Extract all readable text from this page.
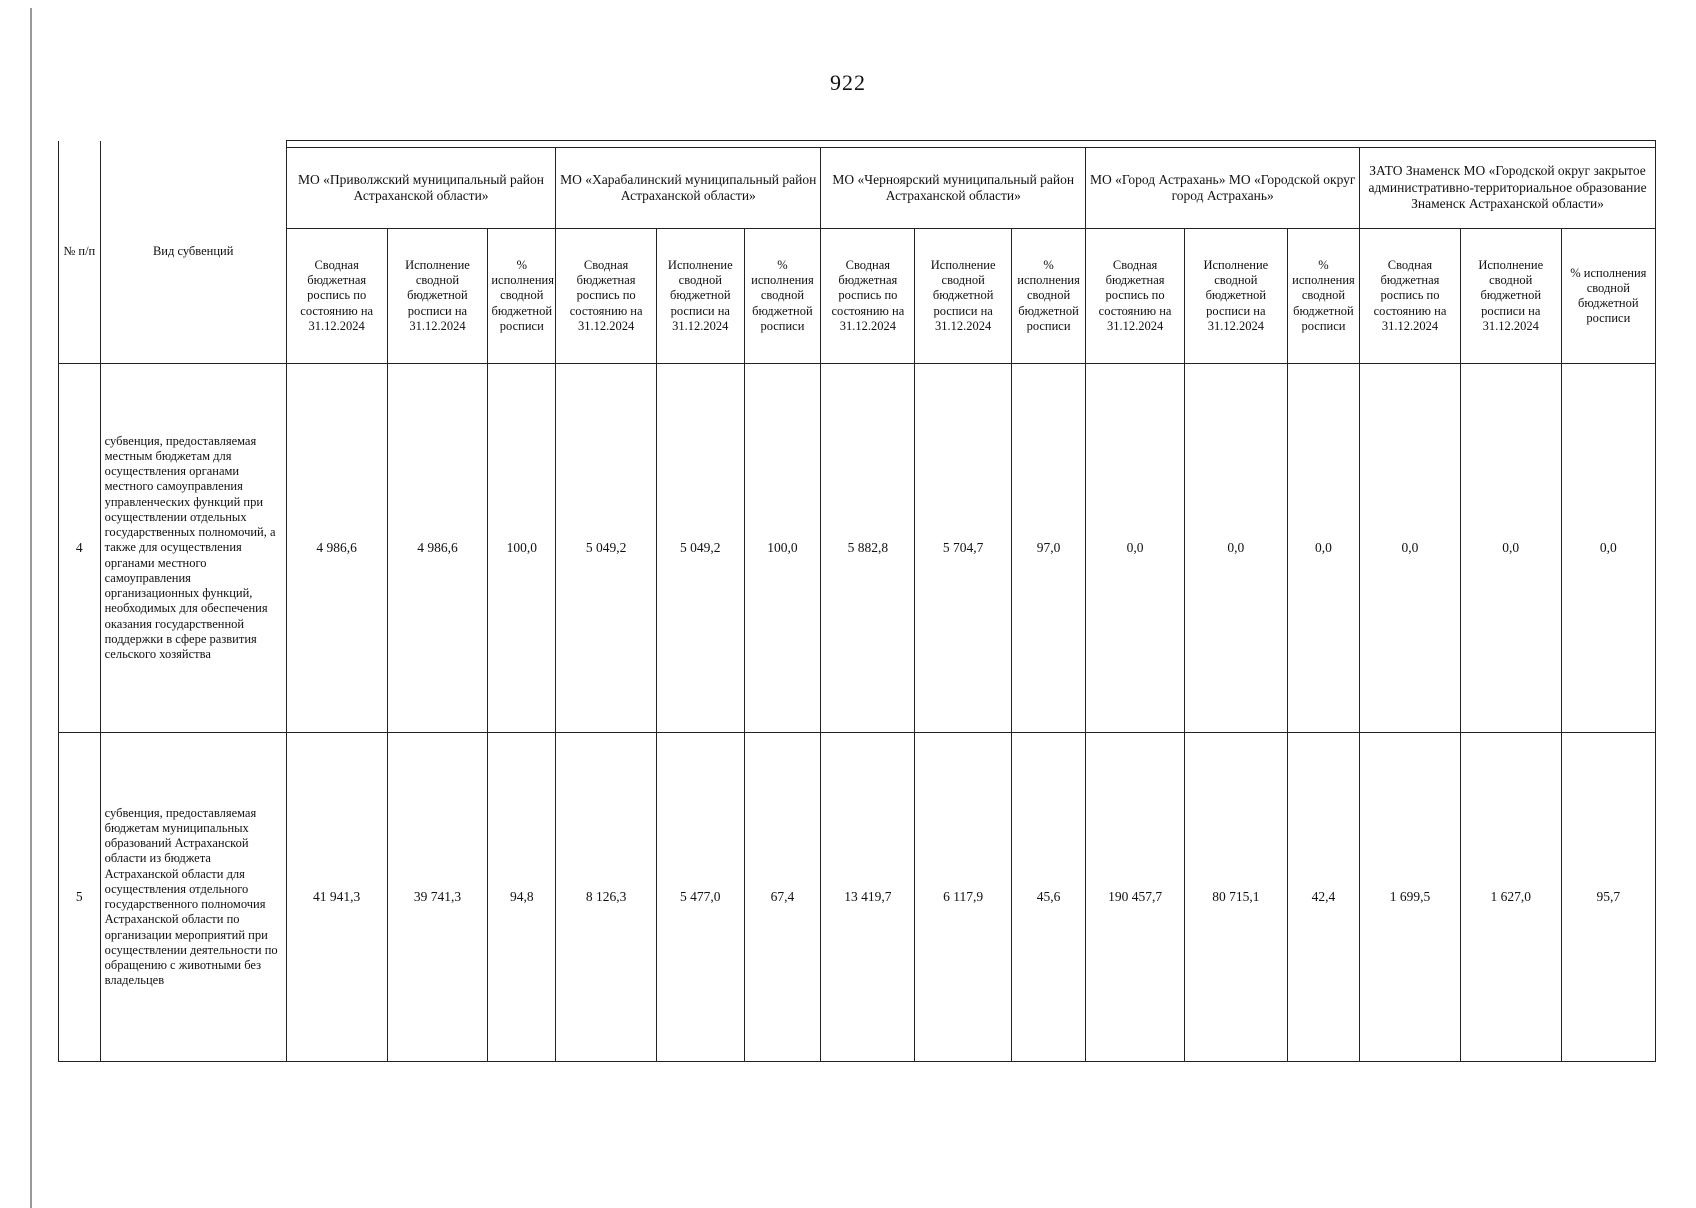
922
№ п/п	Вид субвенций															
		МО «Приволжский муниципальный район Астраханской области»			МО «Харабалинский муниципальный район Астраханской области»			МО «Черноярский муниципальный район Астраханской области»			МО «Город Астрахань» МО «Городской округ город Астрахань»			ЗАТО Знаменск МО «Городской округ закрытое административно-территориальное образование Знаменск Астраханской области»		
		Сводная бюджетная роспись по состоянию на 31.12.2024	Исполнение сводной бюджетной росписи на 31.12.2024	% исполнения сводной бюджетной росписи	Сводная бюджетная роспись по состоянию на 31.12.2024	Исполнение сводной бюджетной росписи на 31.12.2024	% исполнения сводной бюджетной росписи	Сводная бюджетная роспись по состоянию на 31.12.2024	Исполнение сводной бюджетной росписи на 31.12.2024	% исполнения сводной бюджетной росписи	Сводная бюджетная роспись по состоянию на 31.12.2024	Исполнение сводной бюджетной росписи на 31.12.2024	% исполнения сводной бюджетной росписи	Сводная бюджетная роспись по состоянию на 31.12.2024	Исполнение сводной бюджетной росписи на 31.12.2024	% исполнения сводной бюджетной росписи
4	субвенция, предоставляемая местным бюджетам для осуществления органами местного самоуправления управленческих функций при осуществлении отдельных государственных полномочий, а также для осуществления органами местного самоуправления организационных функций, необходимых для обеспечения оказания государственной поддержки в сфере развития сельского хозяйства	4 986,6	4 986,6	100,0	5 049,2	5 049,2	100,0	5 882,8	5 704,7	97,0	0,0	0,0	0,0	0,0	0,0	0,0
5	субвенция, предоставляемая бюджетам муниципальных образований Астраханской области из бюджета Астраханской области для осуществления отдельного государственного полномочия Астраханской области по организации мероприятий при осуществлении деятельности по обращению с животными без владельцев	41 941,3	39 741,3	94,8	8 126,3	5 477,0	67,4	13 419,7	6 117,9	45,6	190 457,7	80 715,1	42,4	1 699,5	1 627,0	95,7
